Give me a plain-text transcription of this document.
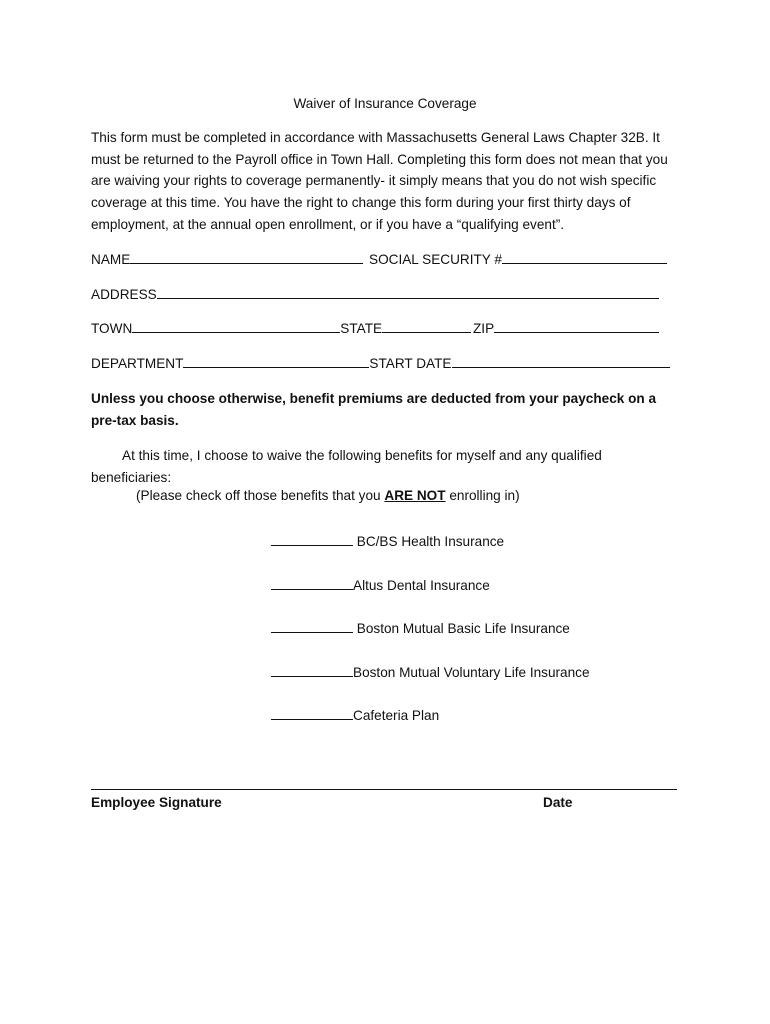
Waiver of Insurance Coverage
This form must be completed in accordance with Massachusetts General Laws Chapter 32B. It must be returned to the Payroll office in Town Hall. Completing this form does not mean that you are waiving your rights to coverage permanently- it simply means that you do not wish specific coverage at this time. You have the right to change this form during your first thirty days of employment, at the annual open enrollment, or if you have a “qualifying event”.
NAME	SOCIAL SECURITY #
ADDRESS
TOWN	STATE	ZIP
DEPARTMENT	START DATE
Unless you choose otherwise, benefit premiums are deducted from your paycheck on a pre-tax basis.
At this time, I choose to waive the following benefits for myself and any qualified beneficiaries:
(Please check off those benefits that you ARE NOT enrolling in)
BC/BS Health Insurance
Altus Dental Insurance
Boston Mutual Basic Life Insurance
Boston Mutual Voluntary Life Insurance
Cafeteria Plan
Employee Signature	Date
